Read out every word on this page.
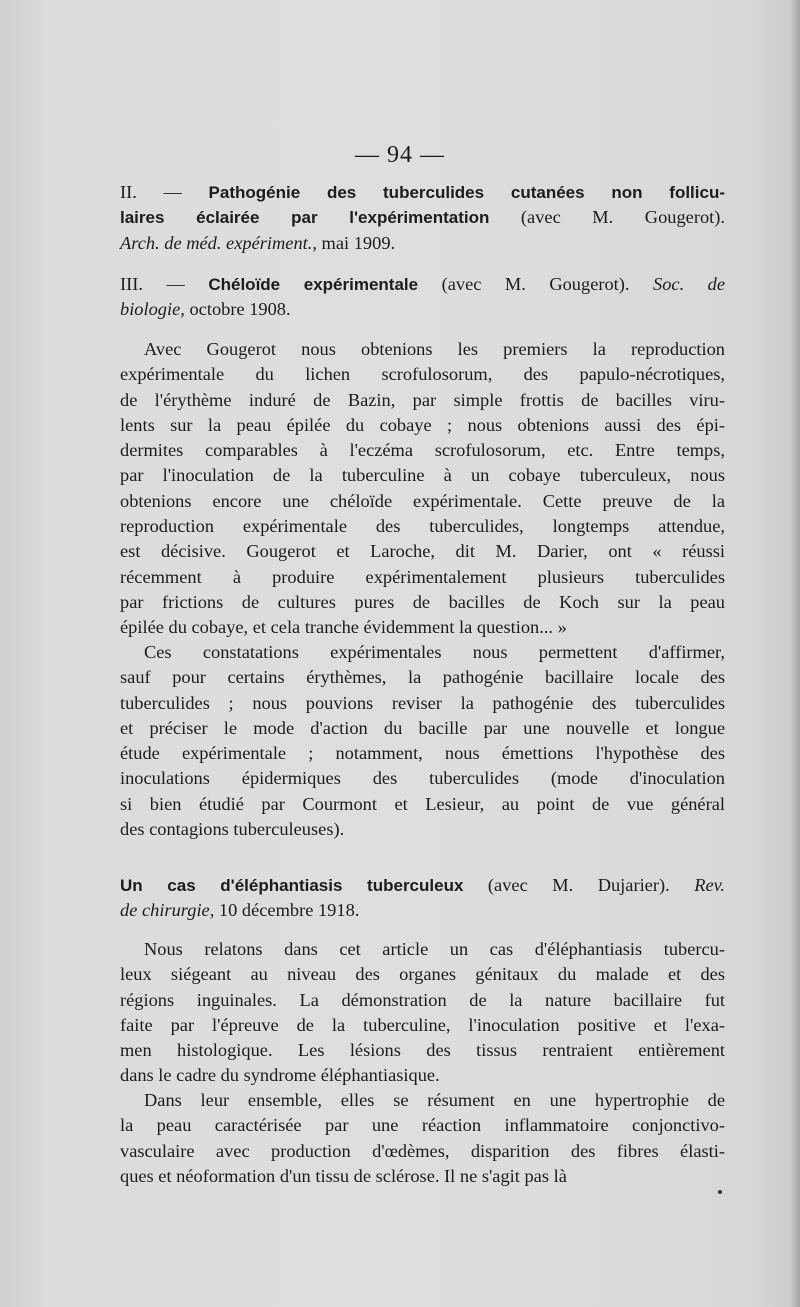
— 94 —
II. — Pathogénie des tuberculides cutanées non follicu-
laires éclairée par l'expérimentation (avec M. Gougerot).
Arch. de méd. expériment., mai 1909.
III. — Chéloïde expérimentale (avec M. Gougerot). Soc. de
biologie, octobre 1908.
Avec Gougerot nous obtenions les premiers la reproduction
expérimentale du lichen scrofulosorum, des papulo-nécrotiques,
de l'érythème induré de Bazin, par simple frottis de bacilles viru-
lents sur la peau épilée du cobaye ; nous obtenions aussi des épi-
dermites comparables à l'eczéma scrofulosorum, etc. Entre temps,
par l'inoculation de la tuberculine à un cobaye tuberculeux, nous
obtenions encore une chéloïde expérimentale. Cette preuve de la
reproduction expérimentale des tuberculides, longtemps attendue,
est décisive. Gougerot et Laroche, dit M. Darier, ont « réussi
récemment à produire expérimentalement plusieurs tuberculides
par frictions de cultures pures de bacilles de Koch sur la peau
épilée du cobaye, et cela tranche évidemment la question... »
Ces constatations expérimentales nous permettent d'affirmer,
sauf pour certains érythèmes, la pathogénie bacillaire locale des
tuberculides ; nous pouvions reviser la pathogénie des tuberculides
et préciser le mode d'action du bacille par une nouvelle et longue
étude expérimentale ; notamment, nous émettions l'hypothèse des
inoculations épidermiques des tuberculides (mode d'inoculation
si bien étudié par Courmont et Lesieur, au point de vue général
des contagions tuberculeuses).
Un cas d'éléphantiasis tuberculeux (avec M. Dujarier). Rev.
de chirurgie, 10 décembre 1918.
Nous relatons dans cet article un cas d'éléphantiasis tubercu-
leux siégeant au niveau des organes génitaux du malade et des
régions inguinales. La démonstration de la nature bacillaire fut
faite par l'épreuve de la tuberculine, l'inoculation positive et l'exa-
men histologique. Les lésions des tissus rentraient entièrement
dans le cadre du syndrome éléphantiasique.
Dans leur ensemble, elles se résument en une hypertrophie de
la peau caractérisée par une réaction inflammatoire conjonctivo-
vasculaire avec production d'œdèmes, disparition des fibres élasti-
ques et néoformation d'un tissu de sclérose. Il ne s'agit pas là
